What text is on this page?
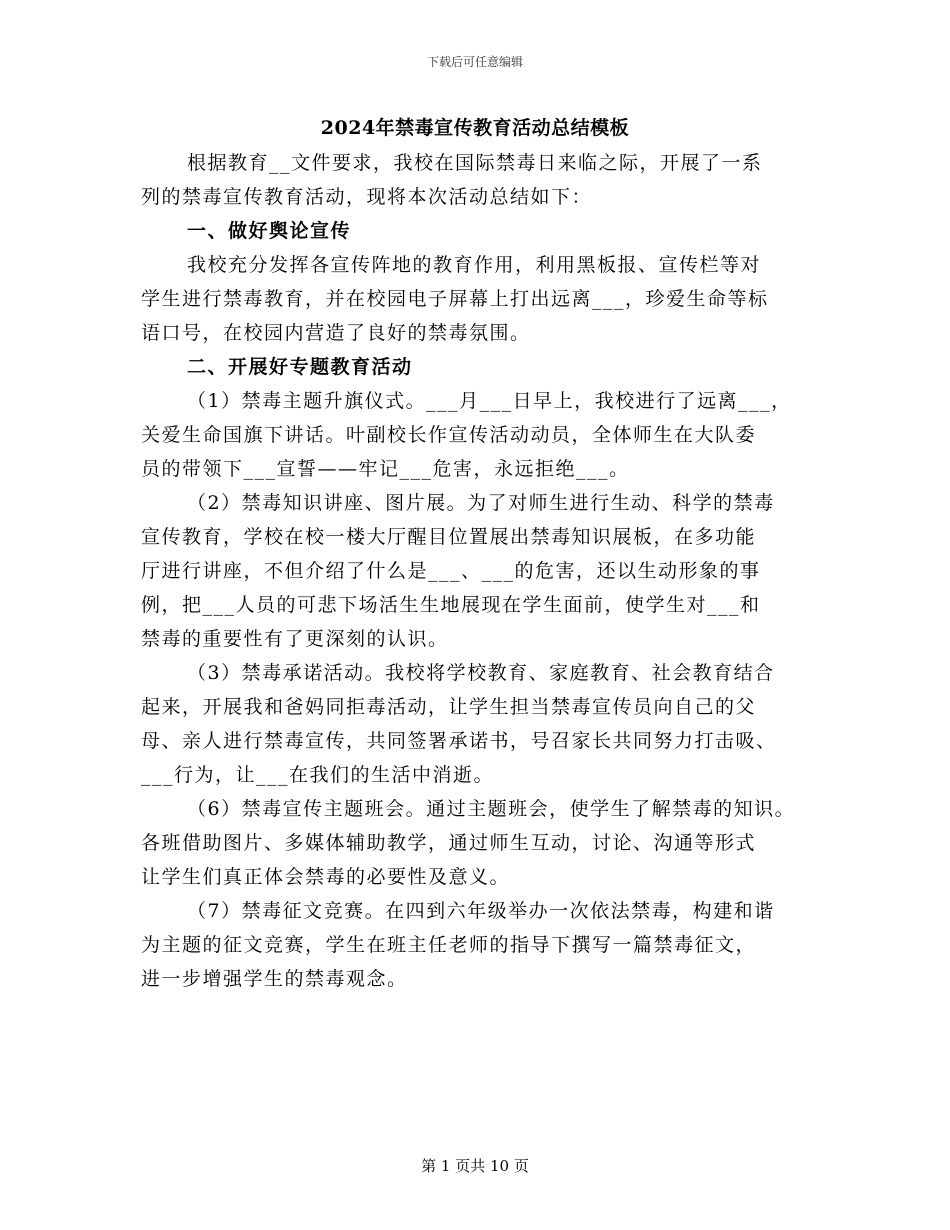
下载后可任意编辑
2024年禁毒宣传教育活动总结模板
根据教育__文件要求，我校在国际禁毒日来临之际，开展了一系
列的禁毒宣传教育活动，现将本次活动总结如下：
一、做好舆论宣传
我校充分发挥各宣传阵地的教育作用，利用黑板报、宣传栏等对
学生进行禁毒教育，并在校园电子屏幕上打出远离___，珍爱生命等标
语口号，在校园内营造了良好的禁毒氛围。
二、开展好专题教育活动
（1）禁毒主题升旗仪式。___月___日早上，我校进行了远离___，
关爱生命国旗下讲话。叶副校长作宣传活动动员，全体师生在大队委
员的带领下___宣誓——牢记___危害，永远拒绝___。
（2）禁毒知识讲座、图片展。为了对师生进行生动、科学的禁毒
宣传教育，学校在校一楼大厅醒目位置展出禁毒知识展板，在多功能
厅进行讲座，不但介绍了什么是___、___的危害，还以生动形象的事
例，把___人员的可悲下场活生生地展现在学生面前，使学生对___和
禁毒的重要性有了更深刻的认识。
（3）禁毒承诺活动。我校将学校教育、家庭教育、社会教育结合
起来，开展我和爸妈同拒毒活动，让学生担当禁毒宣传员向自己的父
母、亲人进行禁毒宣传，共同签署承诺书，号召家长共同努力打击吸、
___行为，让___在我们的生活中消逝。
（6）禁毒宣传主题班会。通过主题班会，使学生了解禁毒的知识。
各班借助图片、多媒体辅助教学，通过师生互动，讨论、沟通等形式
让学生们真正体会禁毒的必要性及意义。
（7）禁毒征文竞赛。在四到六年级举办一次依法禁毒，构建和谐
为主题的征文竞赛，学生在班主任老师的指导下撰写一篇禁毒征文，
进一步增强学生的禁毒观念。
第 1 页共 10 页
